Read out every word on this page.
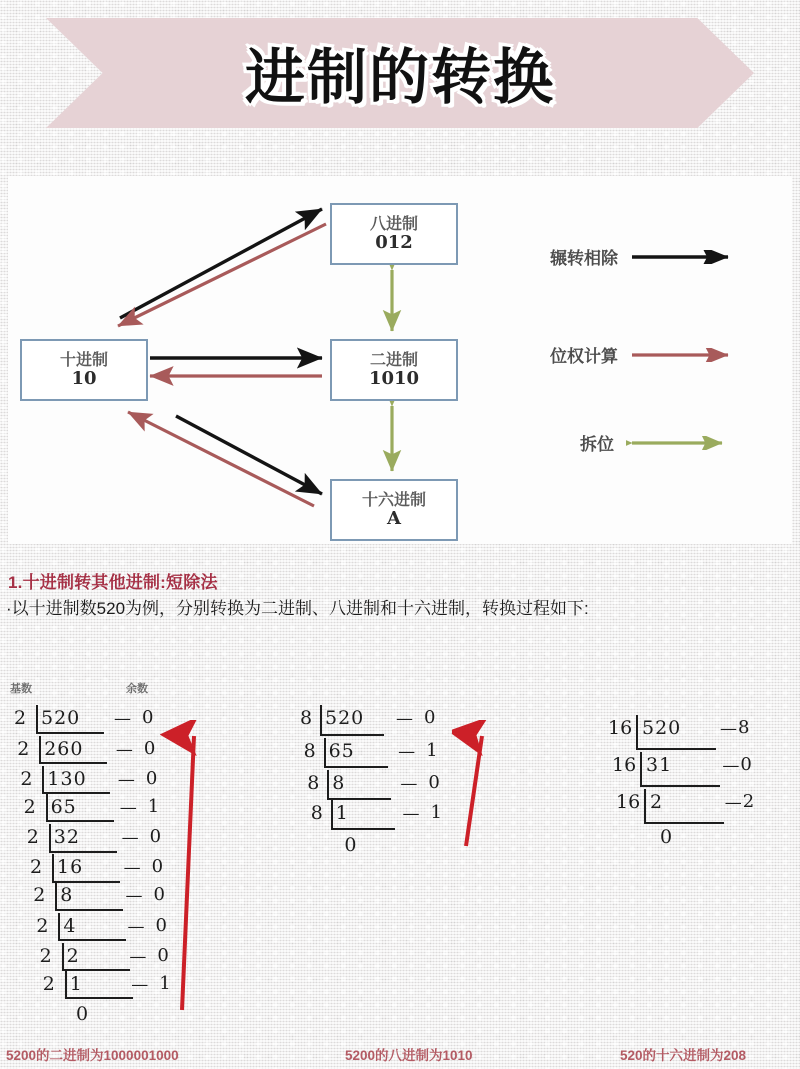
进制的转换
八进制
012
十进制
10
二进制
1010
十六进制
A
辗转相除
位权计算
拆位
1.十进制转其他进制:短除法
·以十进制数520为例，分别转换为二进制、八进制和十六进制，转换过程如下:
基数	余数
2 520 — 0
2 260 — 0
2 130 — 0
2 65	— 1
2 32 — 0
2 16 — 0
2 8	— 0
2 4	— 0
2 2	— 0
2 1	— 1
0
8 520 — 0
8 65	— 1
8 8	— 0
8 1	— 1
0
16 520 — 8
16 31	— 0
16 2	— 2
0
5200的二进制为1000001000	5200的八进制为1010	520的十六进制为208
